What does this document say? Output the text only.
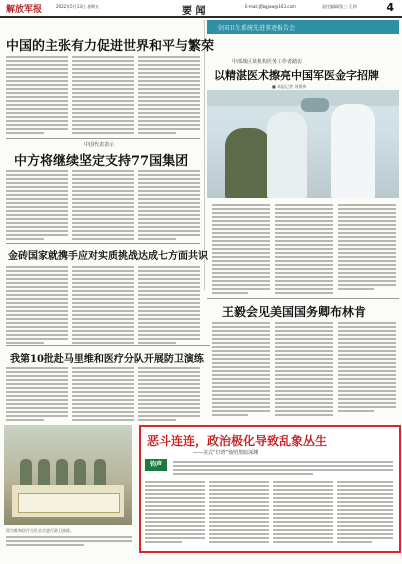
解放军报	2022年5月13日 星期五	要 闻	E-mail:jfjbgjxw@163.com	责任编辑/张三 王四	4
中国的主张有力促进世界和平与繁荣
中国代表表示
中方将继续坚定支持77国集团
金砖国家就携手应对实质挑战达成七方面共识
我第10批赴马里维和医疗分队开展防卫演练
全国卫生系统先进事迹报告会
中部战区某机构医务工作者踏访
以精湛医术擦亮中国军医金字招牌
■ 本报记者 刘建伟
王毅会见美国国务卿布林肯
图为维和医疗分队官兵进行防卫演练。
恶斗连连，政治极化导致乱象丛生
——美式“灯塔”烛照黑暗深渊
钧声
